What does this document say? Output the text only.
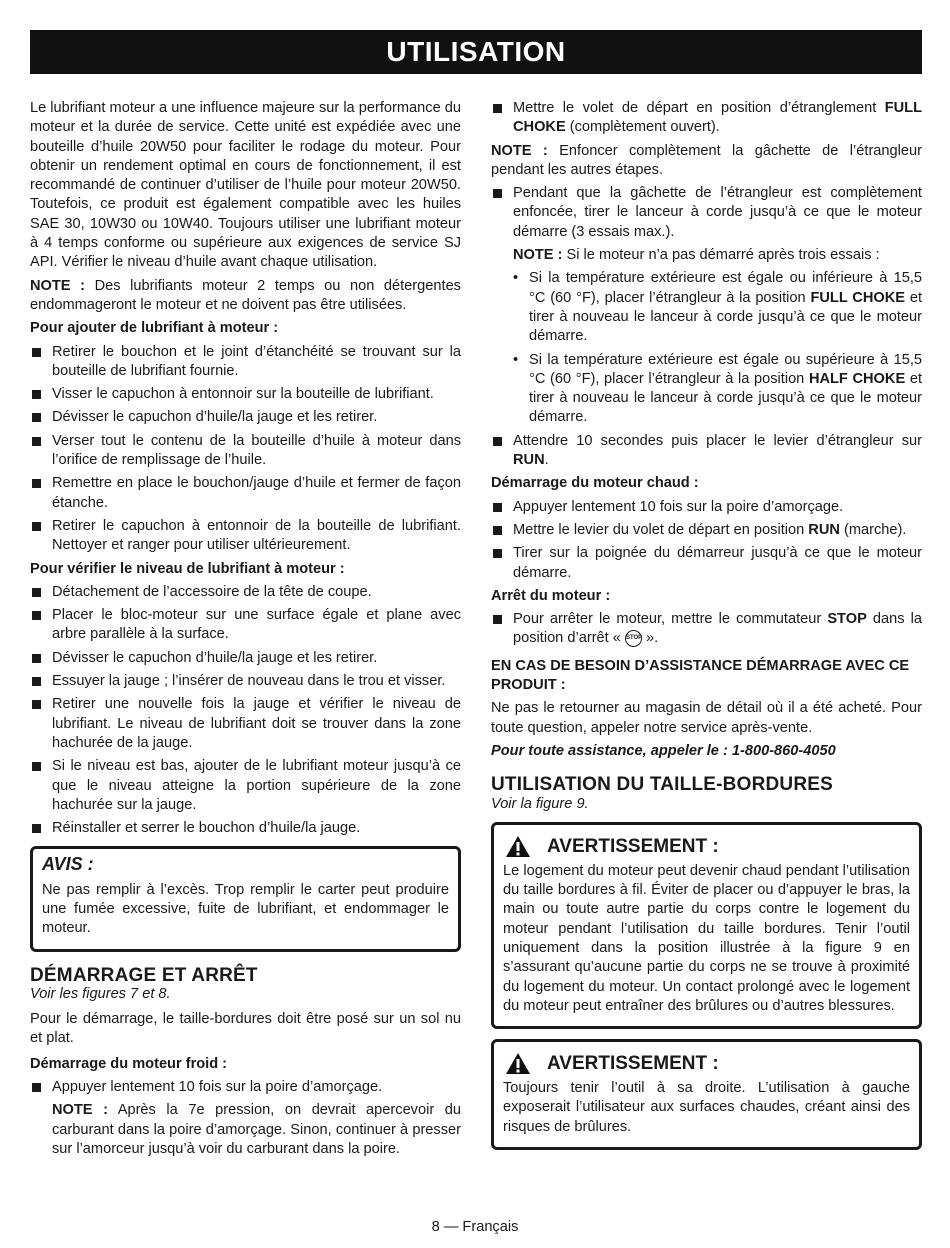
UTILISATION

Le lubrifiant moteur a une influence majeure sur la performance du moteur et la durée de service. Cette unité est expédiée avec une bouteille d’huile 20W50 pour faciliter le rodage du moteur. Pour obtenir un rendement optimal en cours de fonctionnement, il est recommandé de continuer d’utiliser de l’huile pour moteur 20W50. Toutefois, ce produit est également compatible avec les huiles SAE 30, 10W30 ou 10W40. Toujours utiliser une lubrifiant moteur à 4 temps conforme ou supérieure aux exigences de service SJ API. Vérifier le niveau d’huile avant chaque utilisation.

NOTE : Des lubrifiants moteur 2 temps ou non détergentes endommageront le moteur et ne doivent pas être utilisées.

Pour ajouter de lubrifiant à moteur :
Retirer le bouchon et le joint d’étanchéité se trouvant sur la bouteille de lubrifiant fournie.
Visser le capuchon à entonnoir sur la bouteille de lubrifiant.
Dévisser le capuchon d’huile/la jauge et les retirer.
Verser tout le contenu de la bouteille d’huile à moteur dans l’orifice de remplissage de l’huile.
Remettre en place le bouchon/jauge d’huile et fermer de façon étanche.
Retirer le capuchon à entonnoir de la bouteille de lubrifiant. Nettoyer et ranger pour utiliser ultérieurement.
Pour vérifier le niveau de lubrifiant à moteur :
Détachement de l’accessoire de la tête de coupe.
Placer le bloc-moteur sur une surface égale et plane avec arbre parallèle à la surface.
Dévisser le capuchon d’huile/la jauge et les retirer.
Essuyer la jauge ; l’insérer de nouveau dans le trou et visser.
Retirer une nouvelle fois la jauge et vérifier le niveau de lubrifiant. Le niveau de lubrifiant doit se trouver dans la zone hachurée de la jauge.
Si le niveau est bas, ajouter de le lubrifiant moteur jusqu’à ce que le niveau atteigne la portion supérieure de la zone hachurée sur la jauge.
Réinstaller et serrer le bouchon d’huile/la jauge.
AVIS :

Ne pas remplir à l’excès. Trop remplir le carter peut produire une fumée excessive, fuite de lubrifiant, et endommager le moteur.

DÉMARRAGE ET ARRÊT
Voir les figures 7 et 8.

Pour le démarrage, le taille-bordures doit être posé sur un sol nu et plat.

Démarrage du moteur froid :
Appuyer lentement 10 fois sur la poire d’amorçage.
NOTE : Après la 7e pression, on devrait apercevoir du carburant dans la poire d’amorçage. Sinon, continuer à presser sur l’amorceur jusqu’à voir du carburant dans la poire.
Mettre le volet de départ en position d’étranglement FULL CHOKE (complètement ouvert).

NOTE : Enfoncer complètement la gâchette de l’étrangleur pendant les autres étapes.

Pendant que la gâchette de l’étrangleur est complètement enfoncée, tirer le lanceur à corde jusqu’à ce que le moteur démarre (3 essais max.).
NOTE : Si le moteur n’a pas démarré après trois essais :
• Si la température extérieure est égale ou inférieure à 15,5 °C (60 °F), placer l’étrangleur à la position FULL CHOKE et tirer à nouveau le lanceur à corde jusqu’à ce que le moteur démarre.
• Si la température extérieure est égale ou supérieure à 15,5 °C (60 °F), placer l’étrangleur à la position HALF CHOKE et tirer à nouveau le lanceur à corde jusqu’à ce que le moteur démarre.
Attendre 10 secondes puis placer le levier d’étrangleur sur RUN.
Démarrage du moteur chaud :
Appuyer lentement 10 fois sur la poire d’amorçage.
Mettre le levier du volet de départ en position RUN (marche).
Tirer sur la poignée du démarreur jusqu’à ce que le moteur démarre.
Arrêt du moteur :
Pour arrêter le moteur, mettre le commutateur STOP dans la position d’arrêt « STOP ».
EN CAS DE BESOIN D’ASSISTANCE DÉMARRAGE AVEC CE PRODUIT :

Ne pas le retourner au magasin de détail où il a été acheté. Pour toute question, appeler notre service après-vente.

Pour toute assistance, appeler le : 1-800-860-4050
UTILISATION DU TAILLE-BORDURES
Voir la figure 9.
AVERTISSEMENT :

Le logement du moteur peut devenir chaud pendant l’utilisation du taille bordures à fil. Éviter de placer ou d’appuyer le bras, la main ou toute autre partie du corps contre le logement du moteur pendant l’utilisation du taille bordures. Tenir l’outil uniquement dans la position illustrée à la figure 9 en s’assurant qu’aucune partie du corps ne se trouve à proximité du logement du moteur. Un contact prolongé avec le logement du moteur peut entraîner des brûlures ou d’autres blessures.

AVERTISSEMENT :

Toujours tenir l’outil à sa droite. L’utilisation à gauche exposerait l’utilisateur aux surfaces chaudes, créant ainsi des risques de brûlures.

8 — Français
